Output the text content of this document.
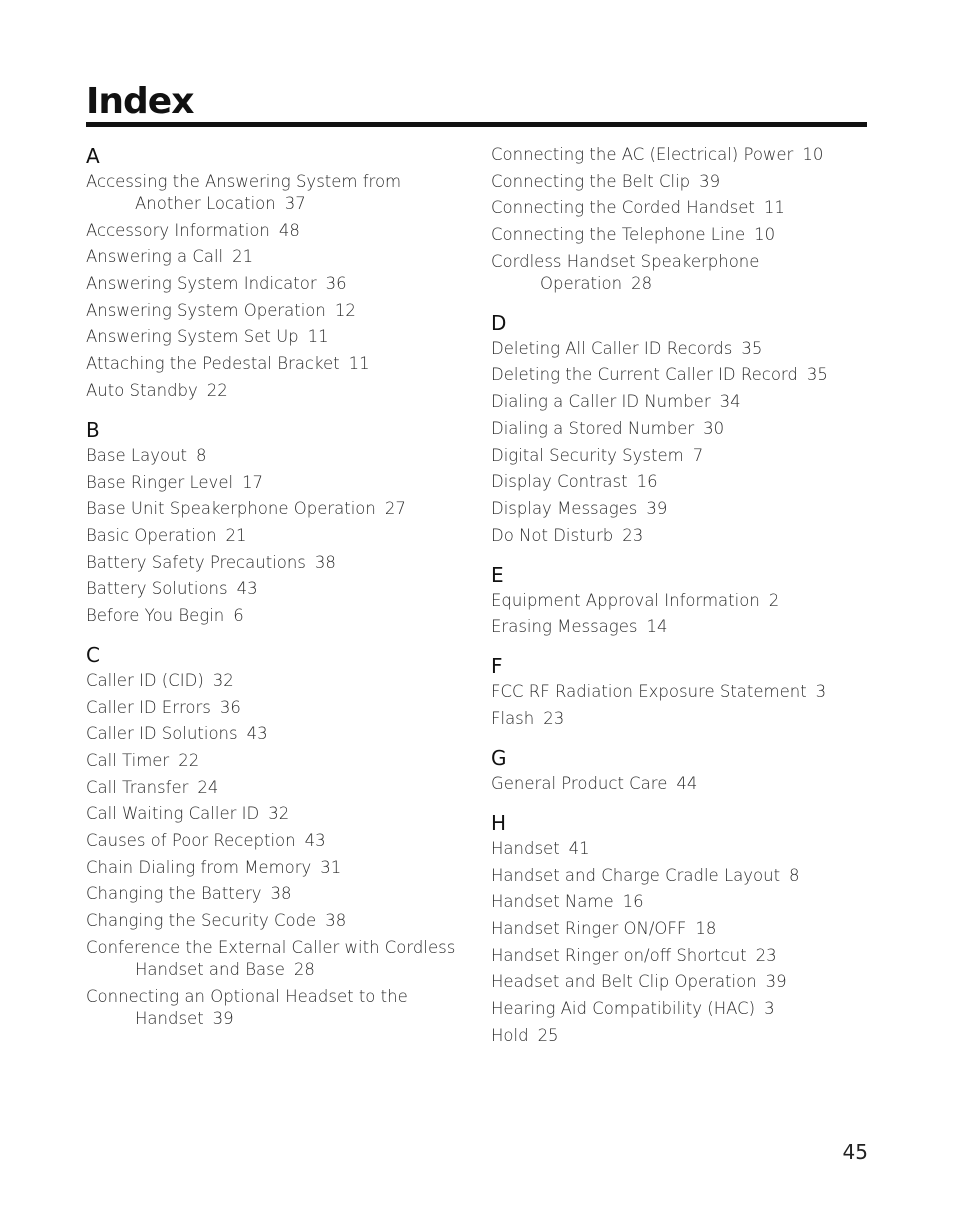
Index
A
Accessing the Answering System from Another Location 37
Accessory Information 48
Answering a Call 21
Answering System Indicator 36
Answering System Operation 12
Answering System Set Up 11
Attaching the Pedestal Bracket 11
Auto Standby 22
B
Base Layout 8
Base Ringer Level 17
Base Unit Speakerphone Operation 27
Basic Operation 21
Battery Safety Precautions 38
Battery Solutions 43
Before You Begin 6
C
Caller ID (CID) 32
Caller ID Errors 36
Caller ID Solutions 43
Call Timer 22
Call Transfer 24
Call Waiting Caller ID 32
Causes of Poor Reception 43
Chain Dialing from Memory 31
Changing the Battery 38
Changing the Security Code 38
Conference the External Caller with Cordless Handset and Base 28
Connecting an Optional Headset to the Handset 39
Connecting the AC (Electrical) Power 10
Connecting the Belt Clip 39
Connecting the Corded Handset 11
Connecting the Telephone Line 10
Cordless Handset Speakerphone Operation 28
D
Deleting All Caller ID Records 35
Deleting the Current Caller ID Record 35
Dialing a Caller ID Number 34
Dialing a Stored Number 30
Digital Security System 7
Display Contrast 16
Display Messages 39
Do Not Disturb 23
E
Equipment Approval Information 2
Erasing Messages 14
F
FCC RF Radiation Exposure Statement 3
Flash 23
G
General Product Care 44
H
Handset 41
Handset and Charge Cradle Layout 8
Handset Name 16
Handset Ringer ON/OFF 18
Handset Ringer on/off Shortcut 23
Headset and Belt Clip Operation 39
Hearing Aid Compatibility (HAC) 3
Hold 25
45
